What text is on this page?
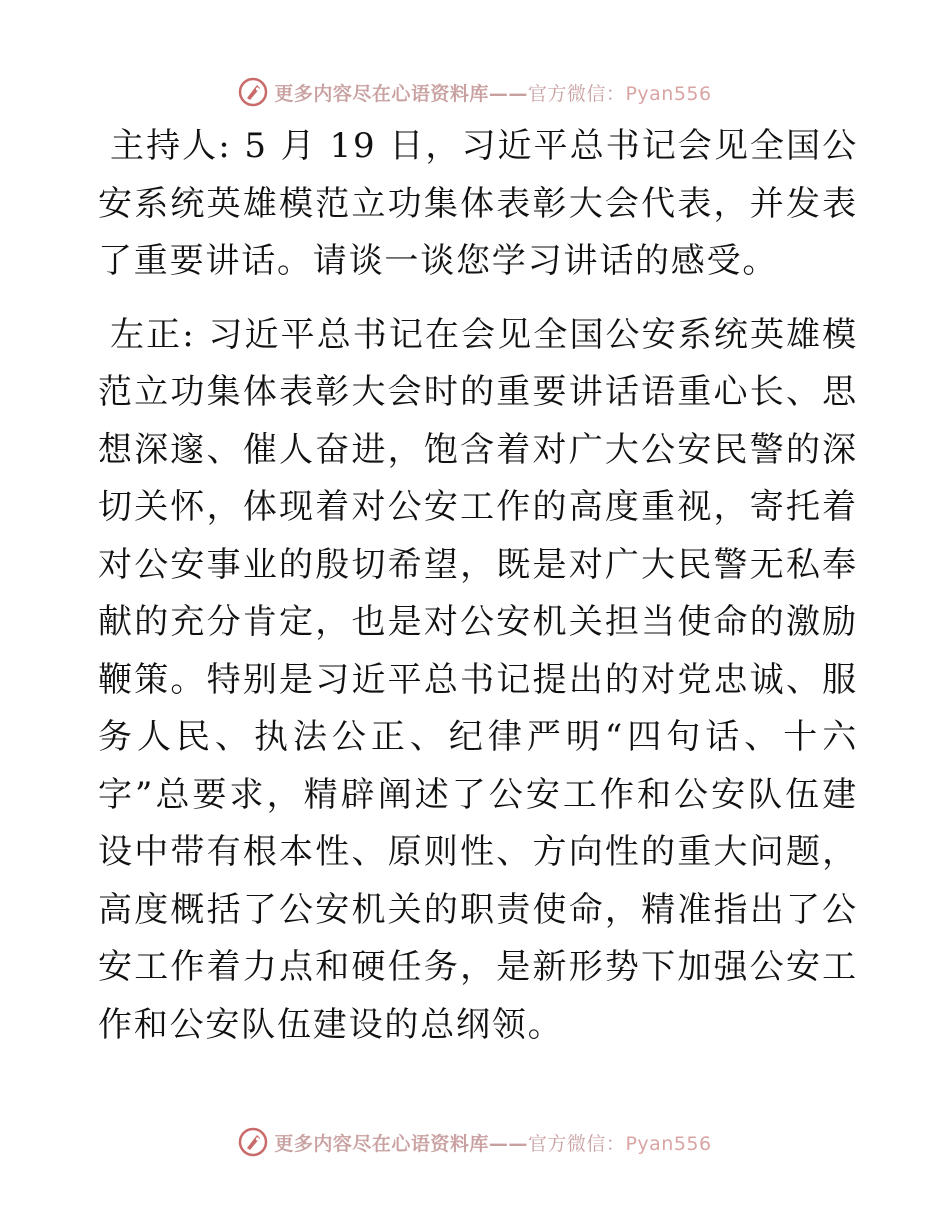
更多内容尽在心语资料库——官方微信：Pyan556

主持人: 5 月 19 日，习近平总书记会见全国公安系统英雄模范立功集体表彰大会代表，并发表了重要讲话。请谈一谈您学习讲话的感受。

左正: 习近平总书记在会见全国公安系统英雄模范立功集体表彰大会时的重要讲话语重心长、思想深邃、催人奋进，饱含着对广大公安民警的深切关怀，体现着对公安工作的高度重视，寄托着对公安事业的殷切希望，既是对广大民警无私奉献的充分肯定，也是对公安机关担当使命的激励鞭策。特别是习近平总书记提出的对党忠诚、服务人民、执法公正、纪律严明“四句话、十六字”总要求，精辟阐述了公安工作和公安队伍建设中带有根本性、原则性、方向性的重大问题，高度概括了公安机关的职责使命，精准指出了公安工作着力点和硬任务，是新形势下加强公安工作和公安队伍建设的总纲领。

更多内容尽在心语资料库——官方微信：Pyan556
